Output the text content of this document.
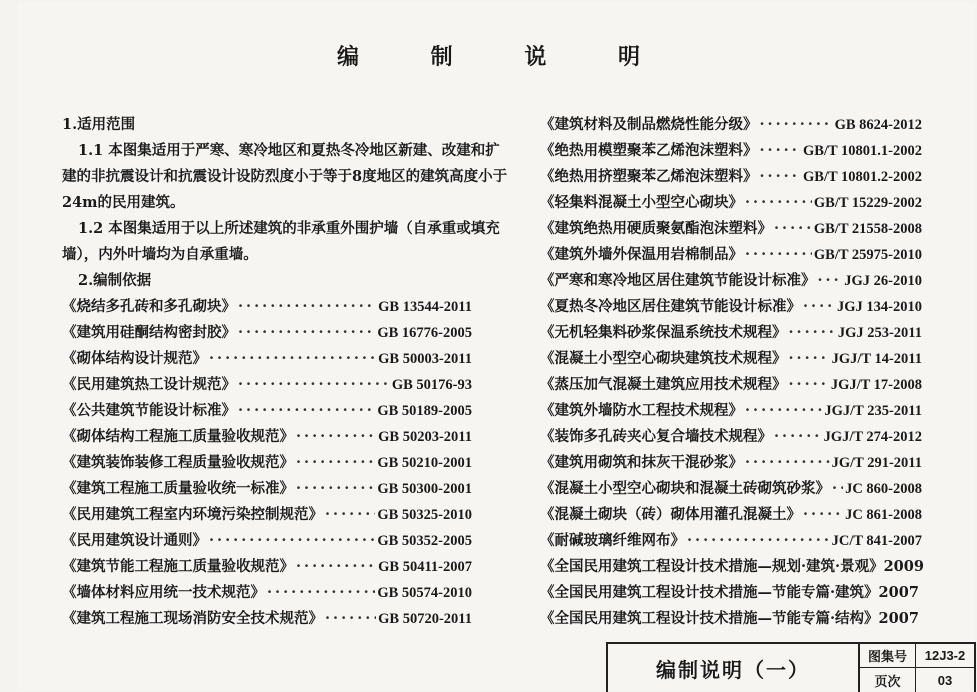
编 制 说 明
1.适用范围
1.1 本图集适用于严寒、寒冷地区和夏热冬冷地区新建、改建和扩
建的非抗震设计和抗震设计设防烈度小于等于8度地区的建筑高度小于
24m的民用建筑。
1.2 本图集适用于以上所述建筑的非承重外围护墙（自承重或填充
墙），内外叶墙均为自承重墙。
2.编制依据
《烧结多孔砖和多孔砌块》 ·····	GB 13544-2011
《建筑用硅酮结构密封胶》 ·····	GB 16776-2005
《砌体结构设计规范》 ·····	GB 50003-2011
《民用建筑热工设计规范》 ·····	GB 50176-93
《公共建筑节能设计标准》 ·····	GB 50189-2005
《砌体结构工程施工质量验收规范》 ·····	GB 50203-2011
《建筑装饰装修工程质量验收规范》 ·····	GB 50210-2001
《建筑工程施工质量验收统一标准》 ·····	GB 50300-2001
《民用建筑工程室内环境污染控制规范》 ·····	GB 50325-2010
《民用建筑设计通则》 ·····	GB 50352-2005
《建筑节能工程施工质量验收规范》 ·····	GB 50411-2007
《墙体材料应用统一技术规范》 ·····	GB 50574-2010
《建筑工程施工现场消防安全技术规范》 ·····	GB 50720-2011
《建筑材料及制品燃烧性能分级》 ·····	GB 8624-2012
《绝热用模塑聚苯乙烯泡沫塑料》 ·····	GB/T 10801.1-2002
《绝热用挤塑聚苯乙烯泡沫塑料》 ·····	GB/T 10801.2-2002
《轻集料混凝土小型空心砌块》 ·····	GB/T 15229-2002
《建筑绝热用硬质聚氨酯泡沫塑料》 ·····	GB/T 21558-2008
《建筑外墙外保温用岩棉制品》 ·····	GB/T 25975-2010
《严寒和寒冷地区居住建筑节能设计标准》 ····· JGJ 26-2010
《夏热冬冷地区居住建筑节能设计标准》 ····· JGJ 134-2010
《无机轻集料砂浆保温系统技术规程》 ·····	JGJ 253-2011
《混凝土小型空心砌块建筑技术规程》 ·····	JGJ/T 14-2011
《蒸压加气混凝土建筑应用技术规程》 ·····	JGJ/T 17-2008
《建筑外墙防水工程技术规程》 ·····	JGJ/T 235-2011
《装饰多孔砖夹心复合墙技术规程》 ·····	JGJ/T 274-2012
《建筑用砌筑和抹灰干混砂浆》 ·····	JG/T 291-2011
《混凝土小型空心砌块和混凝土砖砌筑砂浆》 ····· JC 860-2008
《混凝土砌块（砖）砌体用灌孔混凝土》 ·····	JC 861-2008
《耐碱玻璃纤维网布》 ·····	JC/T 841-2007
《全国民用建筑工程设计技术措施—规划·建筑·景观》2009
《全国民用建筑工程设计技术措施—节能专篇·建筑》2007
《全国民用建筑工程设计技术措施—节能专篇·结构》2007
编制说明（一）	图集号	12J3-2
页次	03
